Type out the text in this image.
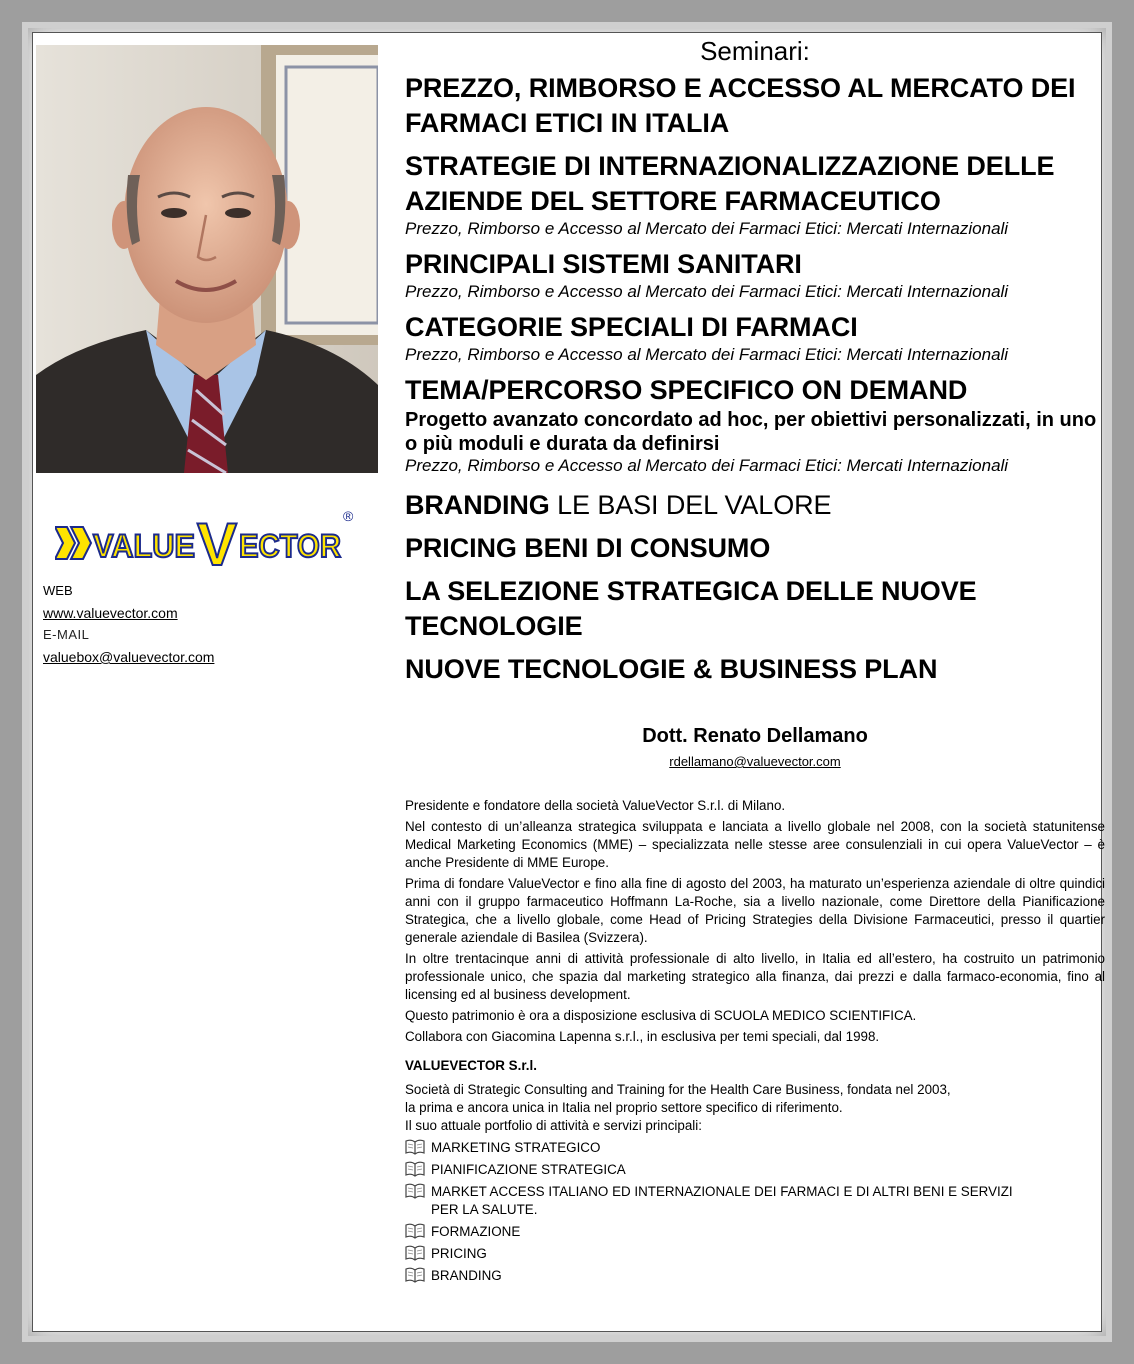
VALUE V ECTOR
®
WEB
www.valuevector.com
E-MAIL
valuebox@valuevector.com
Seminari:
PREZZO, RIMBORSO E ACCESSO AL MERCATO DEI FARMACI ETICI IN ITALIA
STRATEGIE DI INTERNAZIONALIZZAZIONE DELLE AZIENDE DEL SETTORE FARMACEUTICO
Prezzo, Rimborso e Accesso al Mercato dei Farmaci Etici: Mercati Internazionali
PRINCIPALI SISTEMI SANITARI
Prezzo, Rimborso e Accesso al Mercato dei Farmaci Etici: Mercati Internazionali
CATEGORIE SPECIALI DI FARMACI
Prezzo, Rimborso e Accesso al Mercato dei Farmaci Etici: Mercati Internazionali
TEMA/PERCORSO SPECIFICO ON DEMAND
Progetto avanzato concordato ad hoc, per obiettivi personalizzati, in uno o più moduli e durata da definirsi
Prezzo, Rimborso e Accesso al Mercato dei Farmaci Etici: Mercati Internazionali
BRANDING LE BASI DEL VALORE
PRICING BENI DI CONSUMO
LA SELEZIONE STRATEGICA DELLE NUOVE TECNOLOGIE
NUOVE TECNOLOGIE & BUSINESS PLAN
Dott. Renato Dellamano
rdellamano@valuevector.com

Presidente e fondatore della società ValueVector S.r.l. di Milano.

Nel contesto di un’alleanza strategica sviluppata e lanciata a livello globale nel 2008, con la società statunitense Medical Marketing Economics (MME) – specializzata nelle stesse aree consulenziali in cui opera ValueVector – è anche Presidente di MME Europe.

Prima di fondare ValueVector e fino alla fine di agosto del 2003, ha maturato un’esperienza aziendale di oltre quindici anni con il gruppo farmaceutico Hoffmann La-Roche, sia a livello nazionale, come Direttore della Pianificazione Strategica, che a livello globale, come Head of Pricing Strategies della Divisione Farmaceutici, presso il quartier generale aziendale di Basilea (Svizzera).

In oltre trentacinque anni di attività professionale di alto livello, in Italia ed all’estero, ha costruito un patrimonio professionale unico, che spazia dal marketing strategico alla finanza, dai prezzi e dalla farmaco-economia, fino al licensing ed al business development.

Questo patrimonio è ora a disposizione esclusiva di SCUOLA MEDICO SCIENTIFICA.

Collabora con Giacomina Lapenna s.r.l., in esclusiva per temi speciali, dal 1998.

VALUEVECTOR S.r.l.

Società di Strategic Consulting and Training for the Health Care Business, fondata nel 2003,

la prima e ancora unica in Italia nel proprio settore specifico di riferimento.

Il suo attuale portfolio di attività e servizi principali:

MARKETING STRATEGICO
PIANIFICAZIONE STRATEGICA
MARKET ACCESS ITALIANO ED INTERNAZIONALE DEI FARMACI E DI ALTRI BENI E SERVIZI PER LA SALUTE.
FORMAZIONE
PRICING
BRANDING
